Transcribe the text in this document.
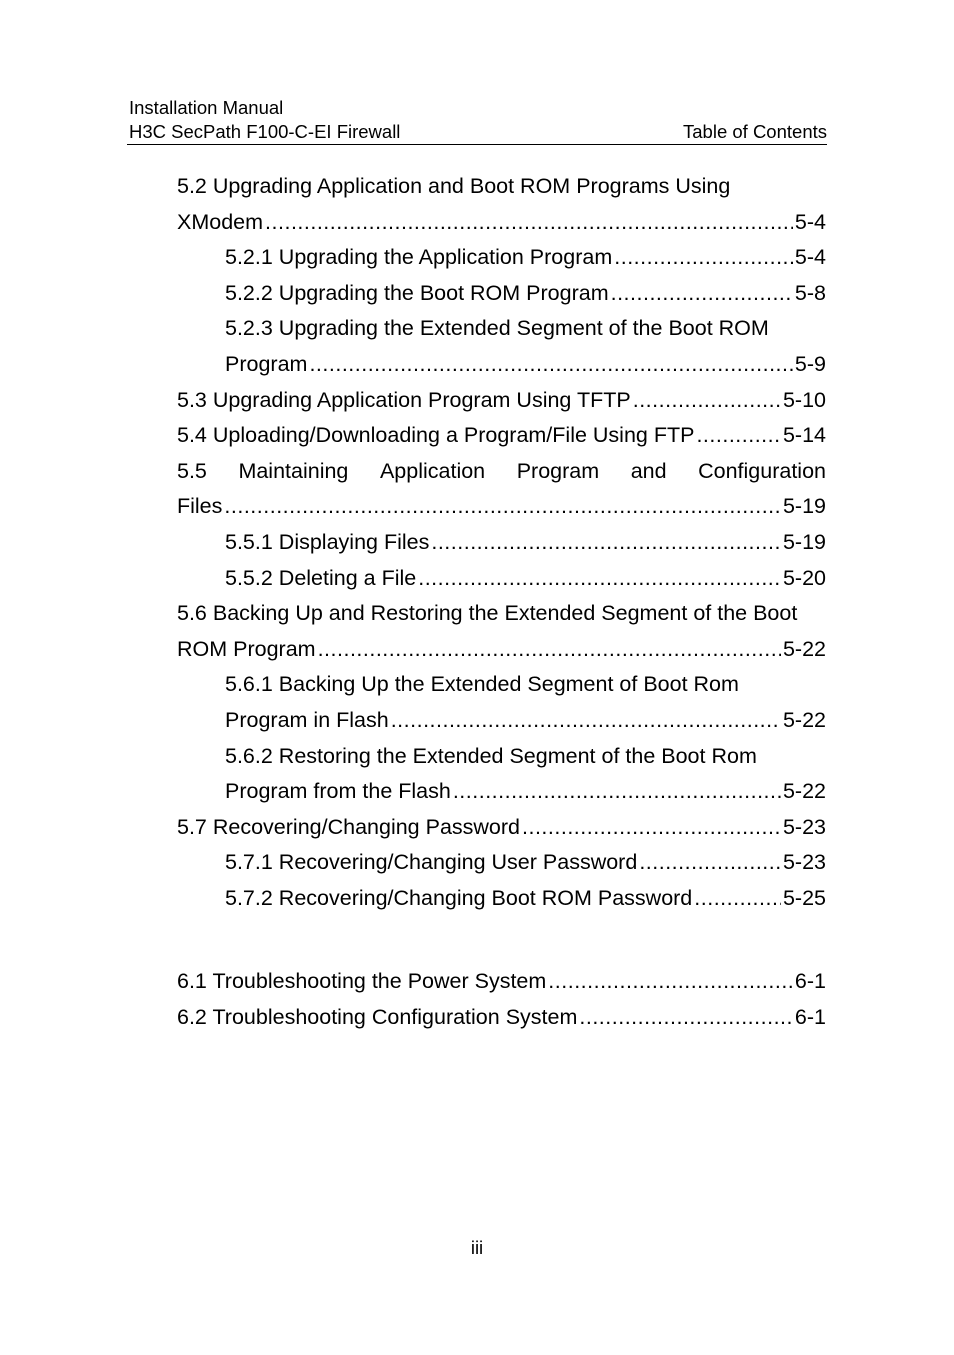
Installation Manual
H3C SecPath F100-C-EI Firewall	Table of Contents
5.2 Upgrading Application and Boot ROM Programs Using
XModem .....	5-4
5.2.1 Upgrading the Application Program .....	5-4
5.2.2 Upgrading the Boot ROM Program .....	5-8
5.2.3 Upgrading the Extended Segment of the Boot ROM
Program .....	5-9
5.3 Upgrading Application Program Using TFTP .....	5-10
5.4 Uploading/Downloading a Program/File Using FTP .....	5-14
5.5 Maintaining Application Program and Configuration
Files .....	5-19
5.5.1 Displaying Files .....	5-19
5.5.2 Deleting a File .....	5-20
5.6 Backing Up and Restoring the Extended Segment of the Boot
ROM Program .....	5-22
5.6.1 Backing Up the Extended Segment of Boot Rom
Program in Flash .....	5-22
5.6.2 Restoring the Extended Segment of the Boot Rom
Program from the Flash .....	5-22
5.7 Recovering/Changing Password .....	5-23
5.7.1 Recovering/Changing User Password .....	5-23
5.7.2 Recovering/Changing Boot ROM Password .....	5-25
6.1 Troubleshooting the Power System .....	6-1
6.2 Troubleshooting Configuration System .....	6-1
iii
